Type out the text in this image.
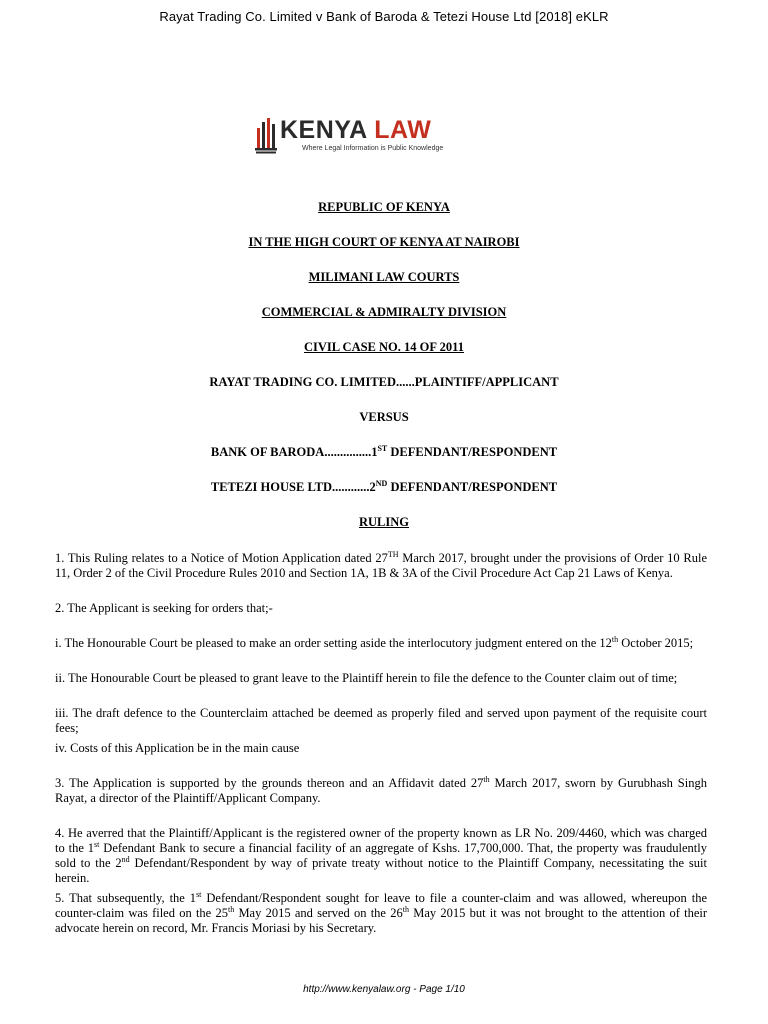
Rayat Trading Co. Limited v Bank of Baroda & Tetezi House Ltd [2018] eKLR
KENYA LAW
Where Legal Information is Public Knowledge
REPUBLIC OF KENYA
IN THE HIGH COURT OF KENYA AT NAIROBI
MILIMANI LAW COURTS
COMMERCIAL & ADMIRALTY DIVISION
CIVIL CASE NO. 14 OF 2011
RAYAT TRADING CO. LIMITED......PLAINTIFF/APPLICANT
VERSUS
BANK OF BARODA...............1ST DEFENDANT/RESPONDENT
TETEZI HOUSE LTD............2ND DEFENDANT/RESPONDENT
RULING
1. This Ruling relates to a Notice of Motion Application dated 27TH March 2017, brought under the provisions of Order 10 Rule 11, Order 2 of the Civil Procedure Rules 2010 and Section 1A, 1B & 3A of the Civil Procedure Act Cap 21 Laws of Kenya.
2. The Applicant is seeking for orders that;-
i. The Honourable Court be pleased to make an order setting aside the interlocutory judgment entered on the 12th October 2015;
ii. The Honourable Court be pleased to grant leave to the Plaintiff herein to file the defence to the Counter claim out of time;
iii. The draft defence to the Counterclaim attached be deemed as properly filed and served upon payment of the requisite court fees;
iv. Costs of this Application be in the main cause
3. The Application is supported by the grounds thereon and an Affidavit dated 27th March 2017, sworn by Gurubhash Singh Rayat, a director of the Plaintiff/Applicant Company.
4. He averred that the Plaintiff/Applicant is the registered owner of the property known as LR No. 209/4460, which was charged to the 1st Defendant Bank to secure a financial facility of an aggregate of Kshs. 17,700,000. That, the property was fraudulently sold to the 2nd Defendant/Respondent by way of private treaty without notice to the Plaintiff Company, necessitating the suit herein.
5. That subsequently, the 1st Defendant/Respondent sought for leave to file a counter-claim and was allowed, whereupon the counter-claim was filed on the 25th May 2015 and served on the 26th May 2015 but it was not brought to the attention of their advocate herein on record, Mr. Francis Moriasi by his Secretary.
http://www.kenyalaw.org - Page 1/10
